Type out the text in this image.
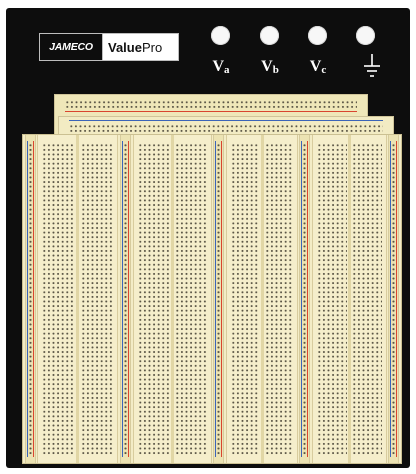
JAMECO	Value Pro
$V_a$	$V_b$	$V_c$
